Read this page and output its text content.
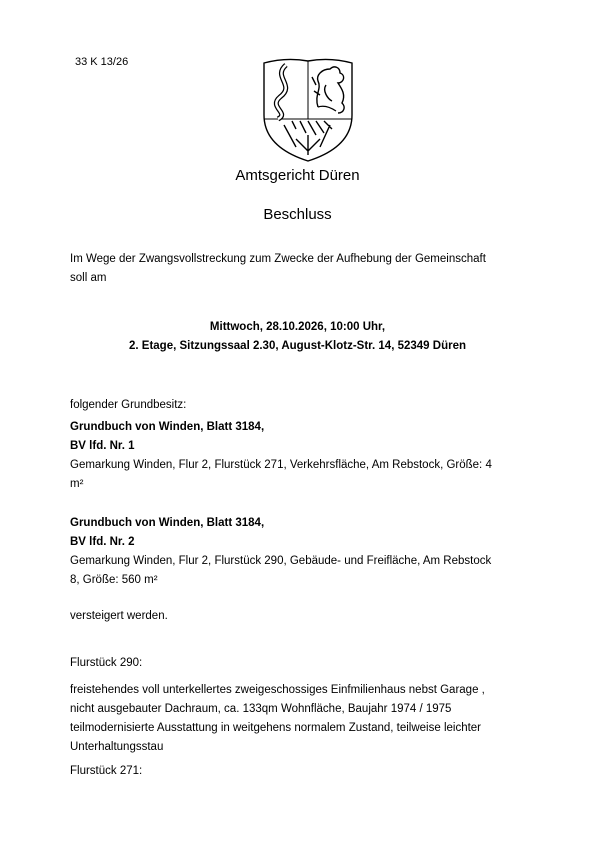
33 K 13/26
Amtsgericht Düren
Beschluss
Im Wege der Zwangsvollstreckung zum Zwecke der Aufhebung der Gemeinschaft
soll am
Mittwoch, 28.10.2026, 10:00 Uhr,
2. Etage, Sitzungssaal 2.30, August-Klotz-Str. 14, 52349 Düren
folgender Grundbesitz:
Grundbuch von Winden, Blatt 3184,
BV lfd. Nr. 1
Gemarkung Winden, Flur 2, Flurstück 271, Verkehrsfläche, Am Rebstock, Größe: 4
m²
Grundbuch von Winden, Blatt 3184,
BV lfd. Nr. 2
Gemarkung Winden, Flur 2, Flurstück 290, Gebäude- und Freifläche, Am Rebstock
8, Größe: 560 m²
versteigert werden.
Flurstück 290:
freistehendes voll unterkellertes zweigeschossiges Einfmilienhaus nebst Garage ,
nicht ausgebauter Dachraum, ca. 133qm Wohnfläche, Baujahr 1974 / 1975
teilmodernisierte Ausstattung in weitgehens normalem Zustand, teilweise leichter
Unterhaltungsstau
Flurstück 271:
